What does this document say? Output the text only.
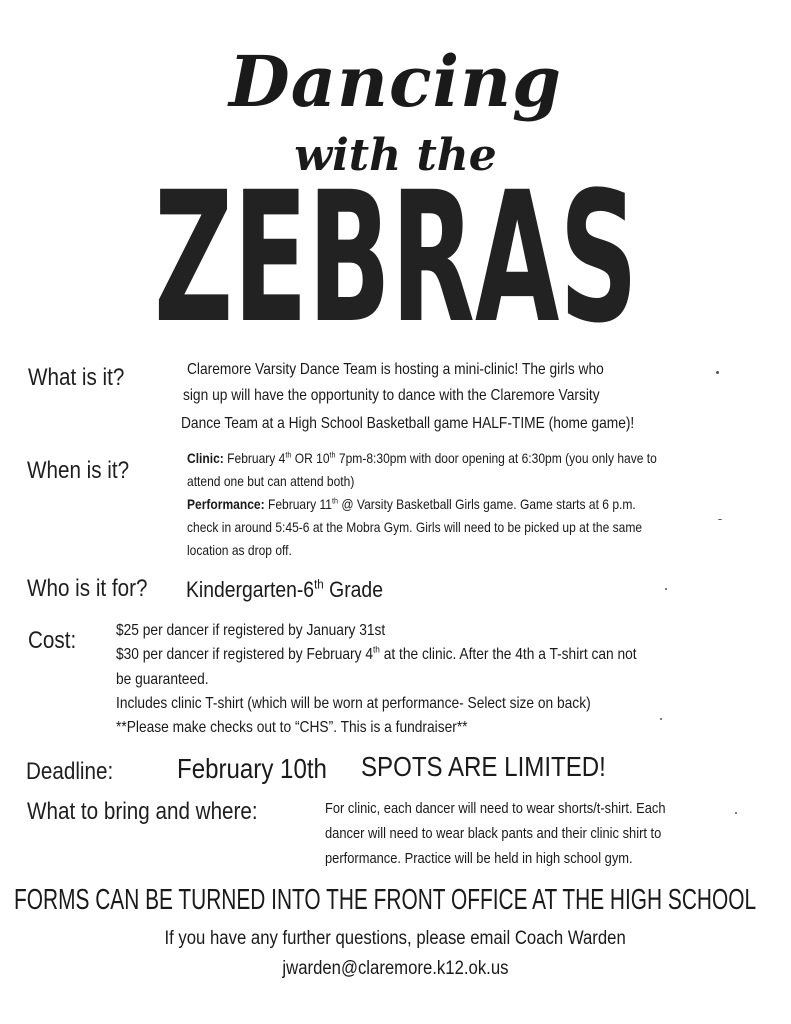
Dancing
with the
ZEBRAS
What is it?	Claremore Varsity Dance Team is hosting a mini-clinic! The girls who
sign up will have the opportunity to dance with the Claremore Varsity
Dance Team at a High School Basketball game HALF-TIME (home game)!
When is it?	Clinic: February 4th OR 10th 7pm-8:30pm with door opening at 6:30pm (you only have to
attend one but can attend both)
Performance: February 11th @ Varsity Basketball Girls game. Game starts at 6 p.m.
check in around 5:45-6 at the Mobra Gym. Girls will need to be picked up at the same
location as drop off.
Who is it for? Kindergarten-6th Grade
Cost: $25 per dancer if registered by January 31st
$30 per dancer if registered by February 4th at the clinic. After the 4th a T-shirt can not
be guaranteed.
Includes clinic T-shirt (which will be worn at performance- Select size on back)
**Please make checks out to “CHS”. This is a fundraiser**
Deadline: February 10th SPOTS ARE LIMITED!
What to bring and where:	For clinic, each dancer will need to wear shorts/t-shirt. Each
dancer will need to wear black pants and their clinic shirt to
performance. Practice will be held in high school gym.
FORMS CAN BE TURNED INTO THE FRONT OFFICE AT THE HIGH SCHOOL
If you have any further questions, please email Coach Warden
jwarden@claremore.k12.ok.us
